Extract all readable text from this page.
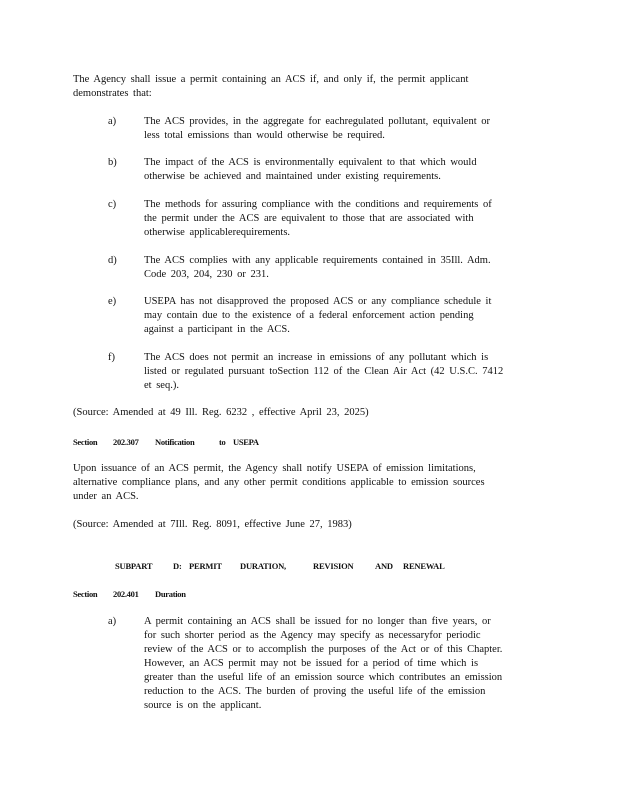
The Agency shall issue a permit containing an ACS if, and only if, the permit applicant demonstrates that:
a)	The ACS provides, in the aggregate for eachregulated pollutant, equivalent or less total emissions than would otherwise be required.
b)	The impact of the ACS is environmentally equivalent to that which would otherwise be achieved and maintained under existing requirements.
c)	The methods for assuring compliance with the conditions and requirements of the permit under the ACS are equivalent to those that are associated with otherwise applicablerequirements.
d)	The ACS complies with any applicable requirements contained in 35Ill. Adm. Code 203, 204, 230 or 231.
e)	USEPA has not disapproved the proposed ACS or any compliance schedule it may contain due to the existence of a federal enforcement action pending against a participant in the ACS.
f)	The ACS does not permit an increase in emissions of any pollutant which is listed or regulated pursuant toSection 112 of the Clean Air Act (42 U.S.C. 7412 et seq.).
(Source: Amended at 49 Ill. Reg. 6232 , effective April 23, 2025)
Section 202.307 Notification	to USEPA
Upon issuance of an ACS permit, the Agency shall notify USEPA of emission limitations, alternative compliance plans, and any other permit conditions applicable to emission sources under an ACS.
(Source: Amended at 7Ill. Reg. 8091, effective June 27, 1983)
SUBPART D: PERMIT DURATION,	REVISION	AND RENEWAL
Section 202.401 Duration
a)	A permit containing an ACS shall be issued for no longer than five years, or for such shorter period as the Agency may specify as necessaryfor periodic review of the ACS or to accomplish the purposes of the Act or of this Chapter. However, an ACS permit may not be issued for a period of time which is greater than the useful life of an emission source which contributes an emission reduction to the ACS. The burden of proving the useful life of the emission source is on the applicant.
